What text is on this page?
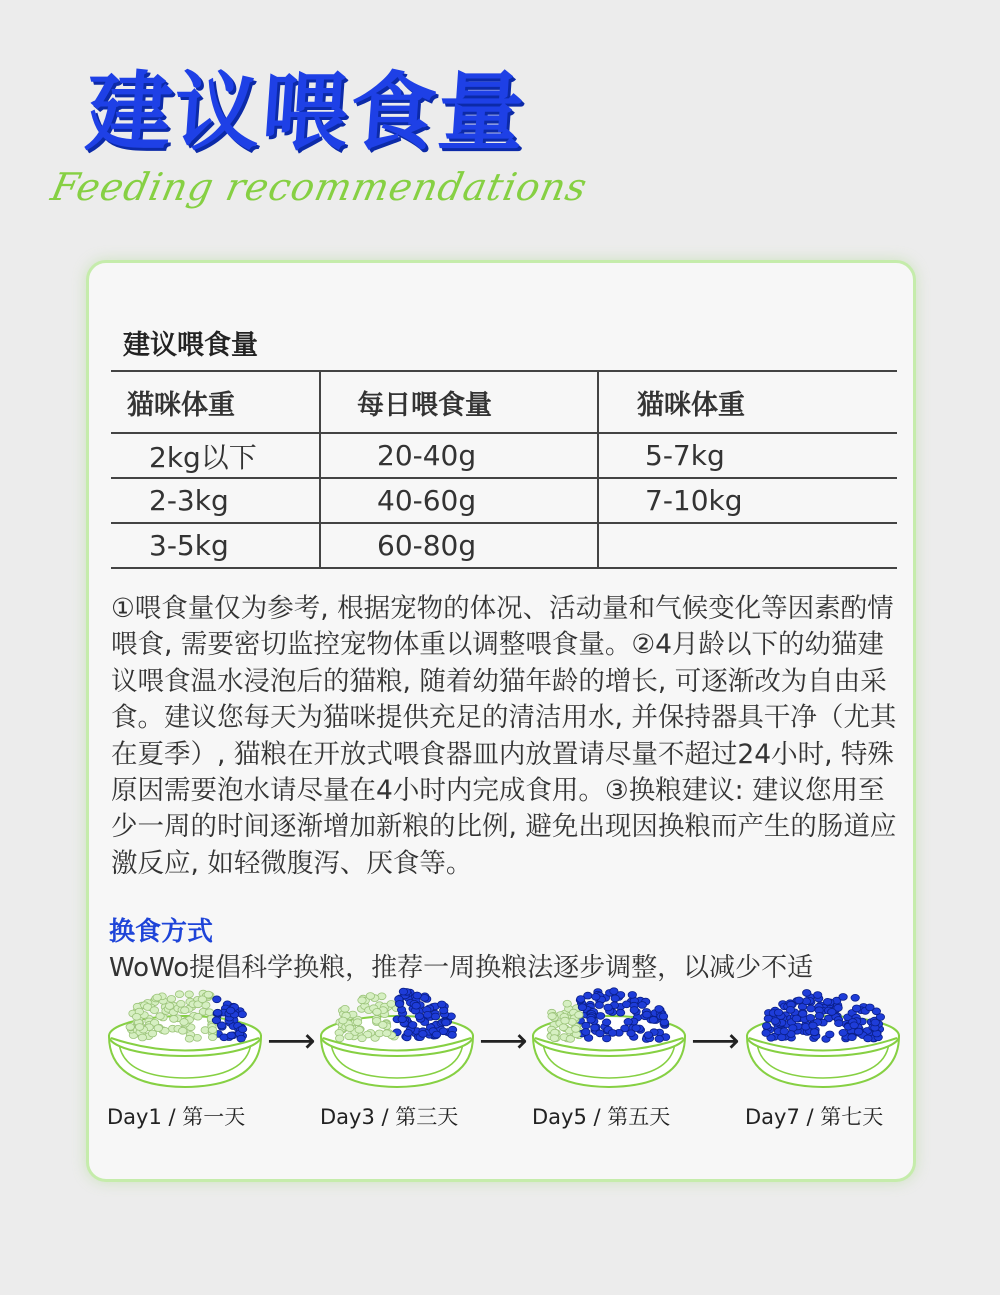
建议喂食量
Feeding recommendations
建议喂食量
猫咪体重	每日喂食量	猫咪体重
2kg以下	20-40g	5-7kg
2-3kg	40-60g	7-10kg
3-5kg	60-80g	

①喂食量仅为参考, 根据宠物的体况、活动量和气候变化等因素酌情喂食, 需要密切监控宠物体重以调整喂食量。②4月龄以下的幼猫建议喂食温水浸泡后的猫粮, 随着幼猫年龄的增长, 可逐渐改为自由采食。建议您每天为猫咪提供充足的清洁用水, 并保持器具干净（尤其在夏季）, 猫粮在开放式喂食器皿内放置请尽量不超过24小时, 特殊原因需要泡水请尽量在4小时内完成食用。③换粮建议: 建议您用至少一周的时间逐渐增加新粮的比例, 避免出现因换粮而产生的肠道应激反应, 如轻微腹泻、厌食等。

换食方式
WoWo提倡科学换粮，推荐一周换粮法逐步调整，以减少不适
⟶	⟶	⟶
Day1 / 第一天	Day3 / 第三天	Day5 / 第五天	Day7 / 第七天
